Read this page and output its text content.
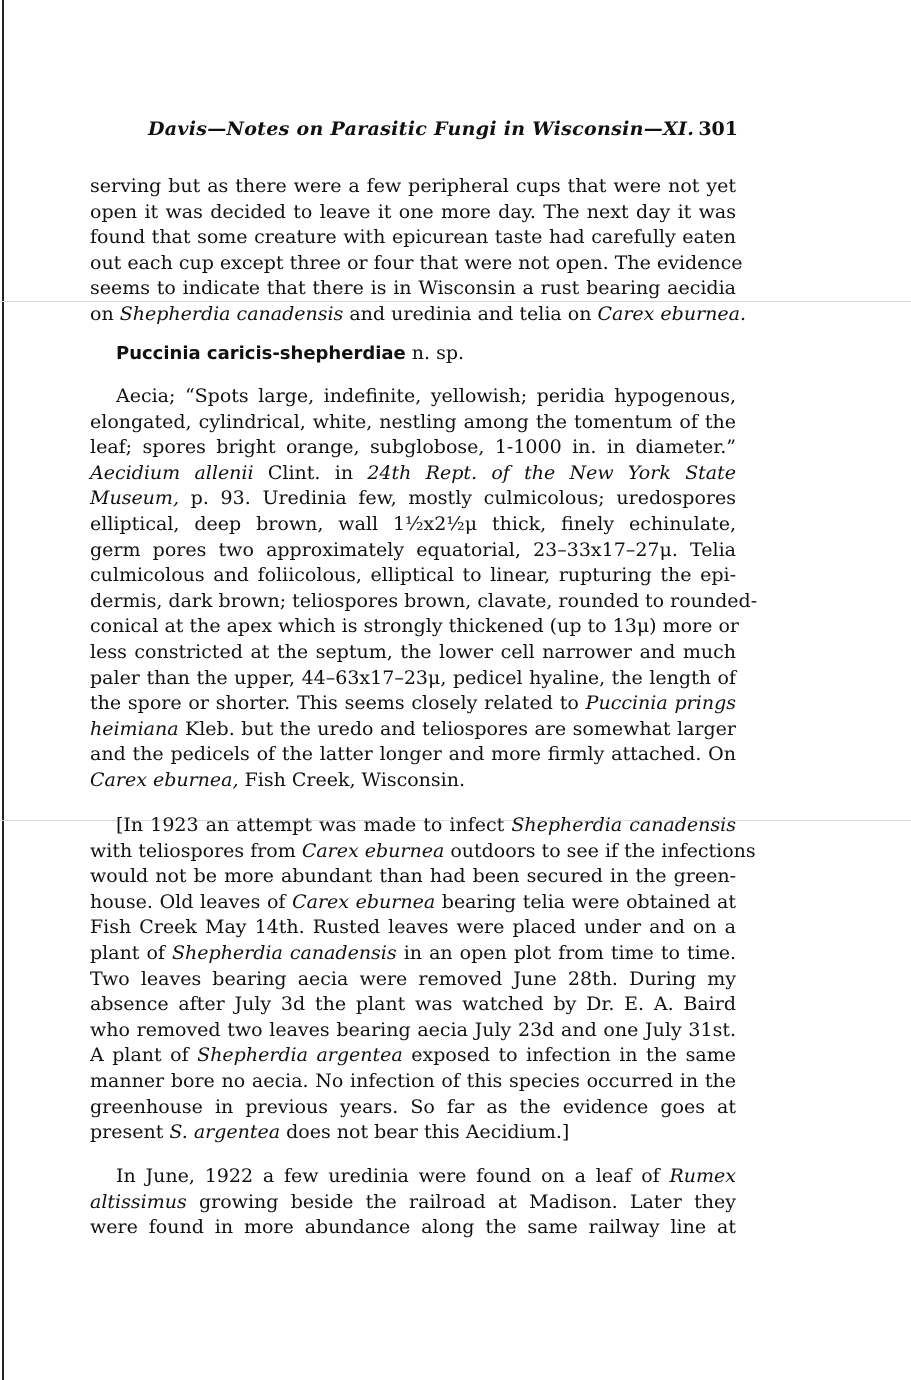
Davis—Notes on Parasitic Fungi in Wisconsin—XI. 301

serving but as there were a few peripheral cups that were not yet
open it was decided to leave it one more day. The next day it was
found that some creature with epicurean taste had carefully eaten
out each cup except three or four that were not open. The evidence
seems to indicate that there is in Wisconsin a rust bearing aecidia
on Shepherdia canadensis and uredinia and telia on Carex eburnea.

Puccinia caricis-shepherdiae n. sp.

Aecia; “Spots large, indefinite, yellowish; peridia hypogenous,
elongated, cylindrical, white, nestling among the tomentum of the
leaf; spores bright orange, subglobose, 1-1000 in. in diameter.”
Aecidium allenii Clint. in 24th Rept. of the New York State
Museum, p. 93. Uredinia few, mostly culmicolous; uredospores
elliptical, deep brown, wall 1½x2½μ thick, finely echinulate,
germ pores two approximately equatorial, 23–33x17–27μ. Telia
culmicolous and foliicolous, elliptical to linear, rupturing the epi-
dermis, dark brown; teliospores brown, clavate, rounded to rounded-
conical at the apex which is strongly thickened (up to 13μ) more or
less constricted at the septum, the lower cell narrower and much
paler than the upper, 44–63x17–23μ, pedicel hyaline, the length of
the spore or shorter. This seems closely related to Puccinia prings
heimiana Kleb. but the uredo and teliospores are somewhat larger
and the pedicels of the latter longer and more firmly attached. On
Carex eburnea, Fish Creek, Wisconsin.

[In 1923 an attempt was made to infect Shepherdia canadensis
with teliospores from Carex eburnea outdoors to see if the infections
would not be more abundant than had been secured in the green-
house. Old leaves of Carex eburnea bearing telia were obtained at
Fish Creek May 14th. Rusted leaves were placed under and on a
plant of Shepherdia canadensis in an open plot from time to time.
Two leaves bearing aecia were removed June 28th. During my
absence after July 3d the plant was watched by Dr. E. A. Baird
who removed two leaves bearing aecia July 23d and one July 31st.
A plant of Shepherdia argentea exposed to infection in the same
manner bore no aecia. No infection of this species occurred in the
greenhouse in previous years. So far as the evidence goes at
present S. argentea does not bear this Aecidium.]

In June, 1922 a few uredinia were found on a leaf of Rumex
altissimus growing beside the railroad at Madison. Later they
were found in more abundance along the same railway line at
